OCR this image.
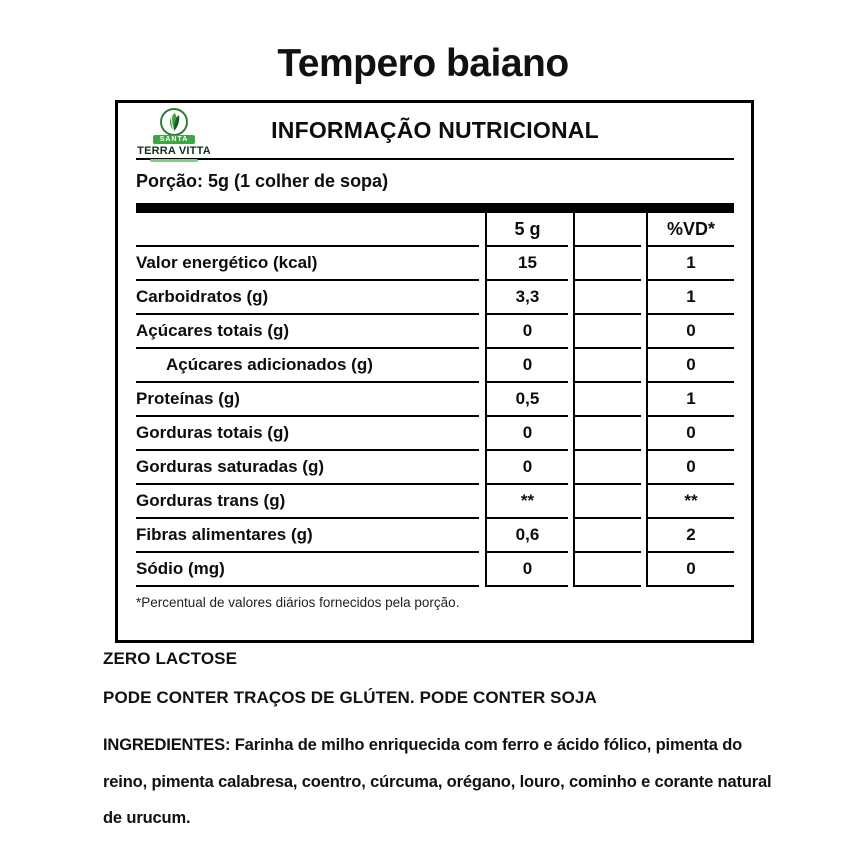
Tempero baiano
SANTA
TERRA VITTA
INFORMAÇÃO NUTRICIONAL
Porção: 5g (1 colher de sopa)
5 g	%VD*
Valor energético (kcal)	15	1
Carboidratos (g)	3,3	1
Açúcares totais (g)	0	0
Açúcares adicionados (g)	0	0
Proteínas (g)	0,5	1
Gorduras totais (g)	0	0
Gorduras saturadas (g)	0	0
Gorduras trans (g)	**	**
Fibras alimentares (g)	0,6	2
Sódio (mg)	0	0
*Percentual de valores diários fornecidos pela porção.
ZERO LACTOSE
PODE CONTER TRAÇOS DE GLÚTEN. PODE CONTER SOJA
INGREDIENTES: Farinha de milho enriquecida com ferro e ácido fólico, pimenta do reino, pimenta calabresa, coentro, cúrcuma, orégano, louro, cominho e corante natural de urucum.
